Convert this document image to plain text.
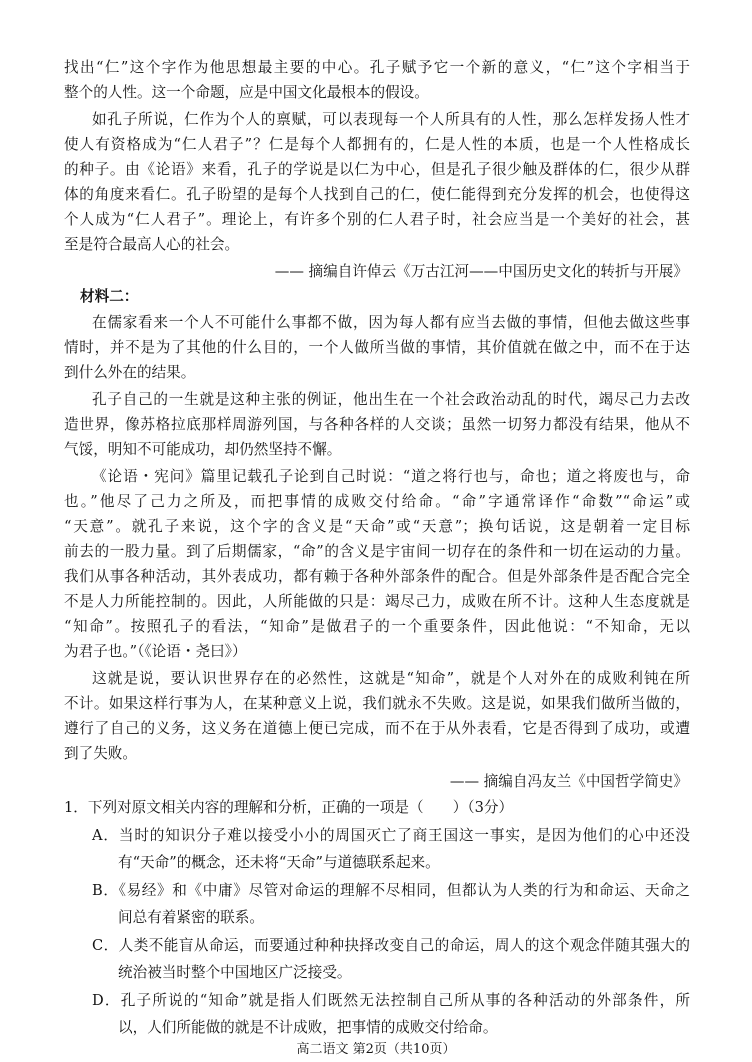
找出“仁”这个字作为他思想最主要的中心。孔子赋予它一个新的意义，“仁”这个字相当于

整个的人性。这一个命题，应是中国文化最根本的假设。

如孔子所说，仁作为个人的禀赋，可以表现每一个人所具有的人性，那么怎样发扬人性才

使人有资格成为“仁人君子”？仁是每个人都拥有的，仁是人性的本质，也是一个人性格成长

的种子。由《论语》来看，孔子的学说是以仁为中心，但是孔子很少触及群体的仁，很少从群

体的角度来看仁。孔子盼望的是每个人找到自己的仁，使仁能得到充分发挥的机会，也使得这

个人成为“仁人君子”。理论上，有许多个别的仁人君子时，社会应当是一个美好的社会，甚

至是符合最高人心的社会。

—— 摘编自许倬云《万古江河——中国历史文化的转折与开展》

材料二：

在儒家看来一个人不可能什么事都不做，因为每人都有应当去做的事情，但他去做这些事

情时，并不是为了其他的什么目的，一个人做所当做的事情，其价值就在做之中，而不在于达

到什么外在的结果。

孔子自己的一生就是这种主张的例证，他出生在一个社会政治动乱的时代，竭尽己力去改

造世界，像苏格拉底那样周游列国，与各种各样的人交谈；虽然一切努力都没有结果，他从不

气馁，明知不可能成功，却仍然坚持不懈。

《论语・宪问》篇里记载孔子论到自己时说：“道之将行也与，命也；道之将废也与，命

也。”他尽了己力之所及，而把事情的成败交付给命。“命”字通常译作“命数”“命运”或

“天意”。就孔子来说，这个字的含义是“天命”或“天意”；换句话说，这是朝着一定目标

前去的一股力量。到了后期儒家，“命”的含义是宇宙间一切存在的条件和一切在运动的力量。

我们从事各种活动，其外表成功，都有赖于各种外部条件的配合。但是外部条件是否配合完全

不是人力所能控制的。因此，人所能做的只是：竭尽己力，成败在所不计。这种人生态度就是

“知命”。按照孔子的看法，“知命”是做君子的一个重要条件，因此他说：“不知命，无以

为君子也。”（《论语・尧曰》）

这就是说，要认识世界存在的必然性，这就是“知命”，就是个人对外在的成败利钝在所

不计。如果这样行事为人，在某种意义上说，我们就永不失败。这是说，如果我们做所当做的，

遵行了自己的义务，这义务在道德上便已完成，而不在于从外表看，它是否得到了成功，或遭

到了失败。

—— 摘编自冯友兰《中国哲学简史》

1．下列对原文相关内容的理解和分析，正确的一项是（　　）（3分）

A．当时的知识分子难以接受小小的周国灭亡了商王国这一事实，是因为他们的心中还没

有“天命”的概念，还未将“天命”与道德联系起来。

B．《易经》和《中庸》尽管对命运的理解不尽相同，但都认为人类的行为和命运、天命之

间总有着紧密的联系。

C．人类不能盲从命运，而要通过种种抉择改变自己的命运，周人的这个观念伴随其强大的

统治被当时整个中国地区广泛接受。

D．孔子所说的“知命”就是指人们既然无法控制自己所从事的各种活动的外部条件，所

以，人们所能做的就是不计成败，把事情的成败交付给命。

高二语文 第2页（共10页）
